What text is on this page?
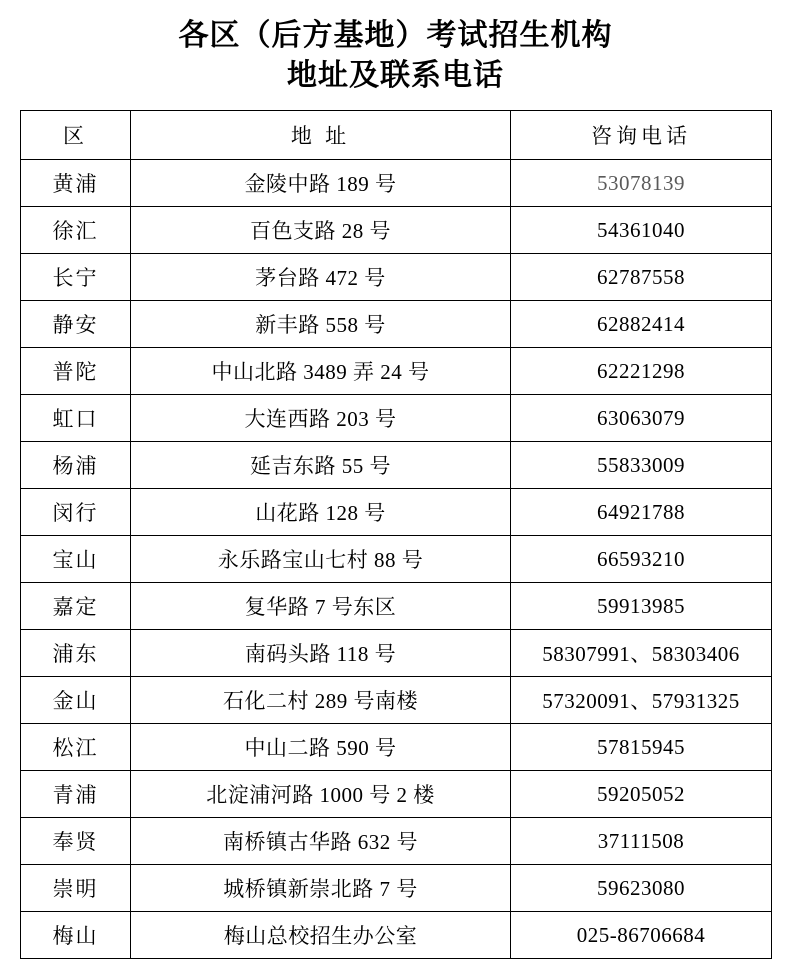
各区（后方基地）考试招生机构
地址及联系电话
区	地 址	咨询电话
黄浦	金陵中路 189 号	53078139
徐汇	百色支路 28 号	54361040
长宁	茅台路 472 号	62787558
静安	新丰路 558 号	62882414
普陀	中山北路 3489 弄 24 号	62221298
虹口	大连西路 203 号	63063079
杨浦	延吉东路 55 号	55833009
闵行	山花路 128 号	64921788
宝山	永乐路宝山七村 88 号	66593210
嘉定	复华路 7 号东区	59913985
浦东	南码头路 118 号	58307991、58303406
金山	石化二村 289 号南楼	57320091、57931325
松江	中山二路 590 号	57815945
青浦	北淀浦河路 1000 号 2 楼	59205052
奉贤	南桥镇古华路 632 号	37111508
崇明	城桥镇新崇北路 7 号	59623080
梅山	梅山总校招生办公室	025-86706684
